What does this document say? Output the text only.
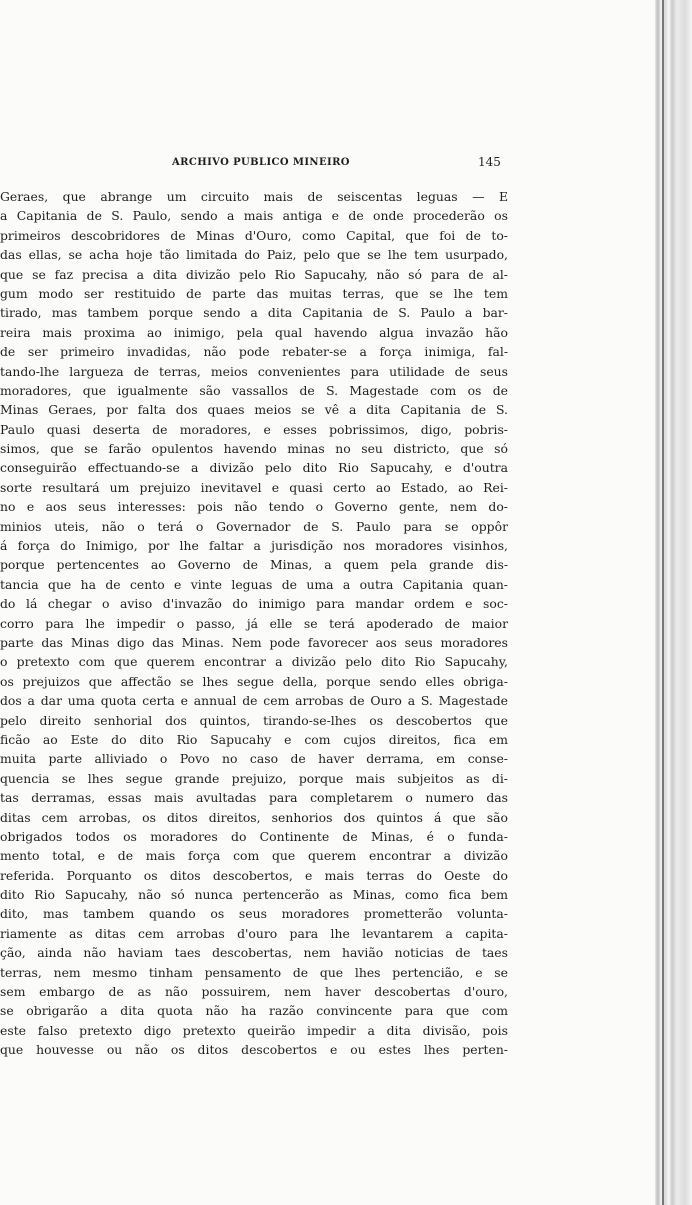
ARCHIVO PUBLICO MINEIRO	145
Geraes, que abrange um circuito mais de seiscentas leguas — E
a Capitania de S. Paulo, sendo a mais antiga e de onde procederão os
primeiros descobridores de Minas d'Ouro, como Capital, que foi de to-
das ellas, se acha hoje tão limitada do Paiz, pelo que se lhe tem usurpado,
que se faz precisa a dita divizão pelo Rio Sapucahy, não só para de al-
gum modo ser restituido de parte das muitas terras, que se lhe tem
tirado, mas tambem porque sendo a dita Capitania de S. Paulo a bar-
reira mais proxima ao inimigo, pela qual havendo algua invazão hão
de ser primeiro invadidas, não pode rebater-se a força inimiga, fal-
tando-lhe largueza de terras, meios convenientes para utilidade de seus
moradores, que igualmente são vassallos de S. Magestade com os de
Minas Geraes, por falta dos quaes meios se vê a dita Capitania de S.
Paulo quasi deserta de moradores, e esses pobrissimos, digo, pobris-
simos, que se farão opulentos havendo minas no seu districto, que só
conseguirão effectuando-se a divizão pelo dito Rio Sapucahy, e d'outra
sorte resultará um prejuizo inevitavel e quasi certo ao Estado, ao Rei-
no e aos seus interesses: pois não tendo o Governo gente, nem do-
minios uteis, não o terá o Governador de S. Paulo para se oppôr
á força do Inimigo, por lhe faltar a jurisdição nos moradores visinhos,
porque pertencentes ao Governo de Minas, a quem pela grande dis-
tancia que ha de cento e vinte leguas de uma a outra Capitania quan-
do lá chegar o aviso d'invazão do inimigo para mandar ordem e soc-
corro para lhe impedir o passo, já elle se terá apoderado de maior
parte das Minas digo das Minas. Nem pode favorecer aos seus moradores
o pretexto com que querem encontrar a divizão pelo dito Rio Sapucahy,
os prejuizos que affectão se lhes segue della, porque sendo elles obriga-
dos a dar uma quota certa e annual de cem arrobas de Ouro a S. Magestade
pelo direito senhorial dos quintos, tirando-se-lhes os descobertos que
ficão ao Este do dito Rio Sapucahy e com cujos direitos, fica em
muita parte alliviado o Povo no caso de haver derrama, em conse-
quencia se lhes segue grande prejuizo, porque mais subjeitos as di-
tas derramas, essas mais avultadas para completarem o numero das
ditas cem arrobas, os ditos direitos, senhorios dos quintos á que são
obrigados todos os moradores do Continente de Minas, é o funda-
mento total, e de mais força com que querem encontrar a divizão
referida. Porquanto os ditos descobertos, e mais terras do Oeste do
dito Rio Sapucahy, não só nunca pertencerão as Minas, como fica bem
dito, mas tambem quando os seus moradores prometterão volunta-
riamente as ditas cem arrobas d'ouro para lhe levantarem a capita-
ção, ainda não haviam taes descobertas, nem havião noticias de taes
terras, nem mesmo tinham pensamento de que lhes pertencião, e se
sem embargo de as não possuirem, nem haver descobertas d'ouro,
se obrigarão a dita quota não ha razão convincente para que com
este falso pretexto digo pretexto queirão impedir a dita divisão, pois
que houvesse ou não os ditos descobertos e ou estes lhes perten-
